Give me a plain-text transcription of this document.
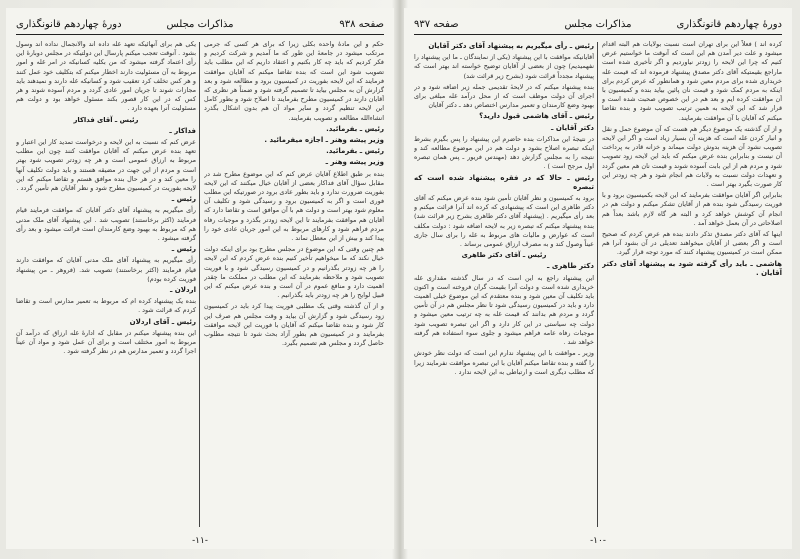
صفحه ۹۳۸
مذاکرات مجلس
دورهٔ چهاردهم قانونگذاری

حکم و این مادهٔ واحده بکلی زیرا که برای هر کسی که جرمی مرتکب میشود در جامعهٔ این طور که ما آمدیم و شرکت کردیم و فکر کردیم که باید چه کار بکنیم و اعتقاد داریم که این مطلب باید تصویب شود این است که بنده تقاضا میکنم که آقایان موافقت فرمایند که این لایحه بفوریت در کمیسیون برود و مطالعه شود و بعد گزارش آن به مجلس بیاید تا تصمیم گرفته شود و ضمناً هر نظری که آقایان دارند در کمیسیون مطرح بفرمایند تا اصلاح شود و بطور کامل این لایحه تنظیم گردد و سایر مواد آن هم بدون اشکال بگذرد انشاءالله مطالعه و تصویب بفرمایند.

رئیس ـ بفرمائید.

وزیر پیشه وهنر ـ اجازه میفرمائید .

رئیس ـ بفرمائید.

وزیر پیشه وهنر ـ

بنده بر طبق اطلاع آقایان عرض کنم که این موضوع مطرح شد در مقابل سؤال آقای فداکار بعضی از آقایان خیال میکنند که این لایحه بفوریت ضرورت ندارد و باید بطور عادی برود در صورتیکه این مطلب فوری است و اگر به کمیسیون برود و رسیدگی شود و تکلیف آن معلوم شود بهتر است و دولت هم با آن موافق است و تقاضا دارد که آقایان هم موافقت بفرمایند تا این لایحه زودتر بگذرد و موجبات رفاه مردم فراهم شود و کارهای مربوط به این امور جریان عادی خود را پیدا کند و بیش از این معطل نماند .

هم چنین وقتی که این موضوع در مجلس مطرح بود برای اینکه دولت خیال نکند که ما میخواهیم تأخیر کنیم بنده عرض کردم که این لایحه را هر چه زودتر بگذرانیم و در کمیسیون رسیدگی شود و با فوریت تصویب شود و ملاحظه بفرمایند که این مطلب در مملکت ما چقدر اهمیت دارد و منافع عموم در آن است و بنده عرض میکنم که این قبیل لوایح را هر چه زودتر باید بگذرانیم .

و از آن گذشته وقتی یک مطلبی فوریت پیدا کرد باید در کمیسیون زود رسیدگی شود و گزارش آن بیاید و وقت مجلس هم صرف این کار شود و بنده تقاضا میکنم که آقایان با فوریت این لایحه موافقت بفرمایند و در کمیسیون هم بطور آزاد بحث شود تا نتیجه مطلوب حاصل گردد و مجلس هم تصمیم بگیرد.

یکی هم برای آنهائیکه تعهد غله داده اند والانجمال نداده اند وسول بشود . آنوقت تعجب میکنم پارسال این دولتیکه در مجلس دوبارهٔ این رأی اعتماد گرفته میشود که من بکلیه کسانیکه در امر غله و امور مربوط به آن مسئولیت دارند اخطار میکنم که بتکلیف خود عمل کنند و هر کس تخلف کرد تعقیب شود و کسانیکه غله دارند و نمیدهند باید مجازات شوند تا جریان امور عادی گردد و مردم آسوده شوند و هر کس که در این کار قصور بکند مسئول خواهد بود و دولت هم مسئولیت آنرا بعهده دارد .

رئیس ـ آقای فداکار

فداکار ـ

عرض کنم که نسبت به این لایحه و درخواست تمدید کار این اعتبار و تعهد بنده عرض میکنم که آقایان موافقت کنند چون این مطلب مربوط به ارزاق عمومی است و هر چه زودتر تصویب شود بهتر است و مردم از این جهت در مضیقه هستند و باید دولت تکلیف آنها را معین کند و در هر حال بنده موافق هستم و تقاضا میکنم که این لایحه بفوریت در کمیسیون مطرح شود و نظر آقایان هم تأمین گردد .

رئیس ـ

رأی میگیریم به پیشنهاد آقای دکتر آقایان که موافقت فرمایند قیام فرمایند (اکثر برخاستند) تصویب شد . این پیشنهاد آقای ملک مدنی هم که مربوط به بهبود وضع کارمندان است قرائت میشود و بعد رأی گرفته میشود .

رئیس ـ

رأی میگیریم به پیشنهاد آقای ملک مدنی آقایان که موافقت دارند قیام فرمایند (اکثر برخاستند) تصویب شد. (فروهر ـ من پیشنهاد فوریت کرده بودم)

اردلان ـ

بنده یک پیشنهاد کرده ام که مربوط به تعمیر مدارس است و تقاضا کردم که قرائت شود .

رئیس ـ آقای اردلان

این بنده پیشنهاد میکنم در مقابل که ادارهٔ غله ارزاق که درآمد آن مربوط به امور مختلف است و برای آن عمل شود و مواد آن عیناً اجرا گردد و تعمیر مدارس هم در نظر گرفته شود .

-۱۱-
دورهٔ چهاردهم قانونگذاری
مذاکرات مجلس
صفحه ۹۳۷

کرده اند ) فعلاً این برای تهران است نسبت بولایات هم البته اقدام میشود و علت دیر آمدن هم این است که آنوقت ما خواستیم عرض کنیم که چرا این لایحه را زودتر نیاوردیم و اگر تأخیری شده است ماراجع بقیمتیکه آقای دکتر مصدق پیشنهاد فرموده اند که قیمت غله خریداری شده برای مردم معین شود و همانطور که عرض کردم برای اینکه به مردم کمک شود و قیمت نان پائین بیاید بنده و کمیسیون با آن موافقت کرده ایم و بعد هم در این خصوص صحبت شده است و قرار شد که این لایحه به همین ترتیب تصویب شود و بنده تقاضا میکنم که آقایان با آن موافقت بفرمایند.

و از آن گذشته یک موضوع دیگر هم هست که آن موضوع حمل و نقل و انبار کردن غله است که هزینه آن بسیار زیاد است و اگر این لایحه تصویب نشود آن هزینه بدوش دولت میماند و خزانه قادر به پرداخت آن نیست و بنابراین بنده عرض میکنم که باید این لایحه زود تصویب شود و مردم هم از این بابت آسوده شوند و قیمت نان هم معین گردد و تعهدات دولت نسبت به ولایات هم انجام شود و هر چه زودتر این کار صورت بگیرد بهتر است .

بنابراین اگر آقایان موافقت بفرمایند که این لایحه بکمیسیون برود و با فوریت رسیدگی شود بنده هم از آقایان تشکر میکنم و دولت هم در انجام آن کوشش خواهد کرد و البته هر گاه لازم باشد بعداً هم اصلاحاتی در آن بعمل خواهد آمد .

اینها که آقای دکتر مصدق تذکر دادند بنده هم عرض کردم که صحیح است و اگر بعضی از آقایان میخواهند تعدیلی در آن بشود آنرا هم ممکن است در کمیسیون پیشنهاد کنند که مورد توجه قرار گیرد.

هاشمی ـ باید رأی گرفته شود به پیشنهاد آقای دکتر آقایان .

رئیس ـ رأی میگیریم به پیشنهاد آقای دکتر آقایان

آقایانیکه موافقت با این پیشنهاد (یکی از نمایندگان ـ ما این پیشنهاد را نفهمیدیم) چون از بعضی از آقایان توضیح خواسته اند بهتر است که پیشنهاد مجدداً قرائت شود (بشرح زیر قرائت شد)

بنده پیشنهاد میکنم که در لایحهٔ تقدیمی جمله زیر اضافه شود و در اجرای آن دولت موظف است که از محل درآمد غله مبلغی برای بهبود وضع کارمندان و تعمیر مدارس اختصاص دهد ـ دکتر آقایان

رئیس ـ آقای هاشمی قبول دارید؟

دکتر آقایان ـ

در نتیجهٔ این مذاکرات بنده حاضرم این پیشنهاد را پس بگیرم بشرط اینکه تبصره اصلاح بشود و دولت هم در این موضوع مطالعه کند و نتیجه را به مجلس گزارش دهد (مهندس فریور ـ پس همان تبصره اول مرجح است ) .

رئیس ـ حالا که در فقره پیشنهاد شده است که تبصره

برود به کمیسیون و نظر آقایان تأمین شود بنده عرض میکنم که آقای دکتر طاهری این است که پیشنهادی که کرده اند آنرا قرائت میکنم و بعد رأی میگیریم . (پیشنهاد آقای دکتر طاهری بشرح زیر قرائت شد) بنده پیشنهاد میکنم که تبصره زیر به لایحه اضافه شود : دولت مکلف است که عوارض و مالیات های مربوط به غله را برای سال جاری عیناً وصول کند و به مصرف ارزاق عمومی برساند .

رئیس ـ آقای دکتر طاهری

دکتر طاهری ـ

این پیشنهاد راجع به این است که در سال گذشته مقداری غله خریداری شده است و دولت آنرا بقیمت گران فروخته است و اکنون باید تکلیف آن معین شود و بنده معتقدم که این موضوع خیلی اهمیت دارد و باید در کمیسیون رسیدگی شود تا نظر مجلس هم در آن تأمین گردد و مردم هم بدانند که قیمت غله به چه ترتیب معین میشود و دولت چه سیاستی در این کار دارد و اگر این تبصره تصویب شود موجبات رفاه عامه فراهم میشود و جلوی سوء استفاده هم گرفته خواهد شد .

وزیر ـ موافقت با این پیشنهاد ندارم این است که دولت نظر خودش را گفته و بنده تقاضا میکنم آقایان با این تبصره موافقت نفرمایند زیرا که مطلب دیگری است و ارتباطی به این لایحه ندارد .

-۱۰-
